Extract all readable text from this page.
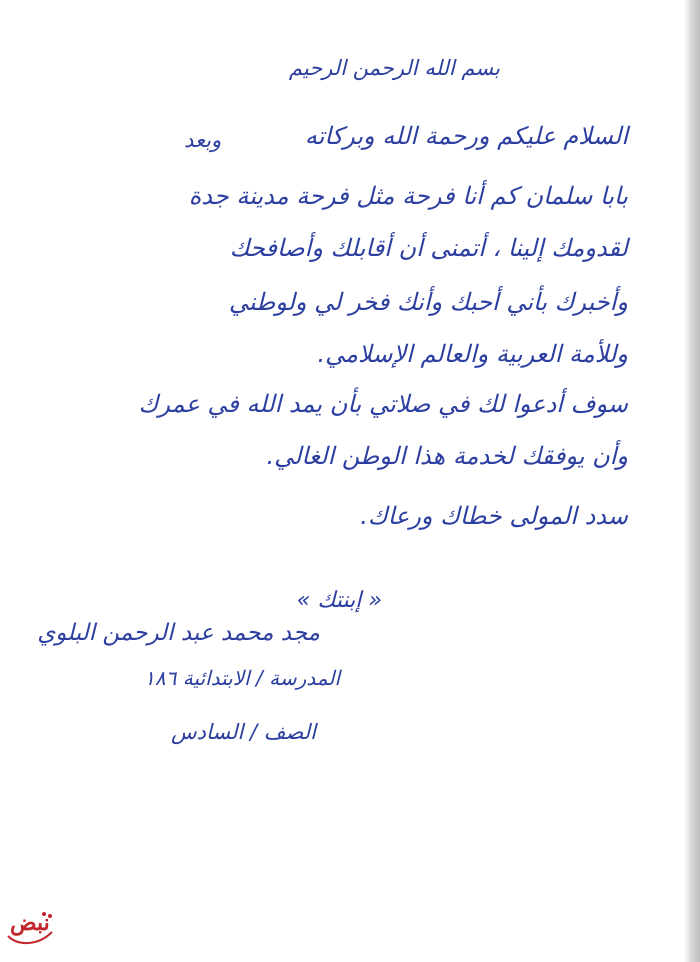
بسم الله الرحمن الرحيم
السلام عليكم ورحمة الله وبركاته
وبعد
بابا سلمان كم أنا فرحة مثل فرحة مدينة جدة
لقدومك إلينا ، أتمنى أن أقابلك وأصافحك
وأخبرك بأني أحبك وأنك فخر لي ولوطني
وللأمة العربية والعالم الإسلامي.
سوف أدعوا لك في صلاتي بأن يمد الله في عمرك
وأن يوفقك لخدمة هذا الوطن الغالي.
سدد المولى خطاك ورعاك.
« إبنتك »
مجد محمد عبد الرحمن البلوي
المدرسة / الابتدائية ١٨٦
الصف / السادس
نبض
